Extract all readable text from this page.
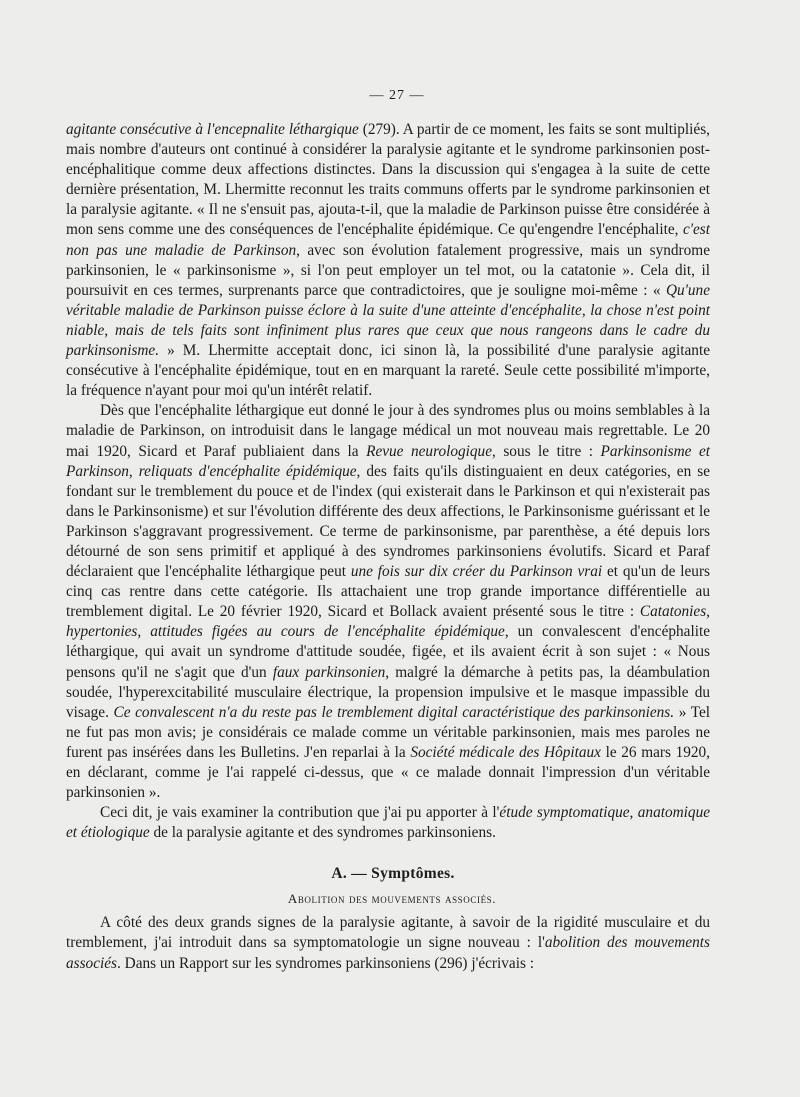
— 27 —

agitante consécutive à l'encepnalite léthargique (279). A partir de ce moment, les faits se sont multipliés, mais nombre d'auteurs ont continué à considérer la paralysie agitante et le syndrome parkinsonien post-encéphalitique comme deux affections distinctes. Dans la discussion qui s'engagea à la suite de cette dernière présentation, M. Lhermitte reconnut les traits communs offerts par le syndrome parkinsonien et la paralysie agitante. « Il ne s'ensuit pas, ajouta-t-il, que la maladie de Parkinson puisse être considérée à mon sens comme une des conséquences de l'encéphalite épidémique. Ce qu'engendre l'encéphalite, c'est non pas une maladie de Parkinson, avec son évolution fatalement progressive, mais un syndrome parkinsonien, le « parkinsonisme », si l'on peut employer un tel mot, ou la catatonie ». Cela dit, il poursuivit en ces termes, surprenants parce que contradictoires, que je souligne moi-même : « Qu'une véritable maladie de Parkinson puisse éclore à la suite d'une atteinte d'encéphalite, la chose n'est point niable, mais de tels faits sont infiniment plus rares que ceux que nous rangeons dans le cadre du parkinsonisme. » M. Lhermitte acceptait donc, ici sinon là, la possibilité d'une paralysie agitante consécutive à l'encéphalite épidémique, tout en en marquant la rareté. Seule cette possibilité m'importe, la fréquence n'ayant pour moi qu'un intérêt relatif.

Dès que l'encéphalite léthargique eut donné le jour à des syndromes plus ou moins semblables à la maladie de Parkinson, on introduisit dans le langage médical un mot nouveau mais regrettable. Le 20 mai 1920, Sicard et Paraf publiaient dans la Revue neurologique, sous le titre : Parkinsonisme et Parkinson, reliquats d'encéphalite épidémique, des faits qu'ils distinguaient en deux catégories, en se fondant sur le tremblement du pouce et de l'index (qui existerait dans le Parkinson et qui n'existerait pas dans le Parkinsonisme) et sur l'évolution différente des deux affections, le Parkinsonisme guérissant et le Parkinson s'aggravant progressivement. Ce terme de parkinsonisme, par parenthèse, a été depuis lors détourné de son sens primitif et appliqué à des syndromes parkinsoniens évolutifs. Sicard et Paraf déclaraient que l'encéphalite léthargique peut une fois sur dix créer du Parkinson vrai et qu'un de leurs cinq cas rentre dans cette catégorie. Ils attachaient une trop grande importance différentielle au tremblement digital. Le 20 février 1920, Sicard et Bollack avaient présenté sous le titre : Catatonies, hypertonies, attitudes figées au cours de l'encéphalite épidémique, un convalescent d'encéphalite léthargique, qui avait un syndrome d'attitude soudée, figée, et ils avaient écrit à son sujet : « Nous pensons qu'il ne s'agit que d'un faux parkinsonien, malgré la démarche à petits pas, la déambulation soudée, l'hyperexcitabilité musculaire électrique, la propension impulsive et le masque impassible du visage. Ce convalescent n'a du reste pas le tremblement digital caractéristique des parkinsoniens. » Tel ne fut pas mon avis; je considérais ce malade comme un véritable parkinsonien, mais mes paroles ne furent pas insérées dans les Bulletins. J'en reparlai à la Société médicale des Hôpitaux le 26 mars 1920, en déclarant, comme je l'ai rappelé ci-dessus, que « ce malade donnait l'impression d'un véritable parkinsonien ».

Ceci dit, je vais examiner la contribution que j'ai pu apporter à l'étude symptomatique, anatomique et étiologique de la paralysie agitante et des syndromes parkinsoniens.

A. — Symptômes.
Abolition des mouvements associés.

A côté des deux grands signes de la paralysie agitante, à savoir de la rigidité musculaire et du tremblement, j'ai introduit dans sa symptomatologie un signe nouveau : l'abolition des mouvements associés. Dans un Rapport sur les syndromes parkinsoniens (296) j'écrivais :
